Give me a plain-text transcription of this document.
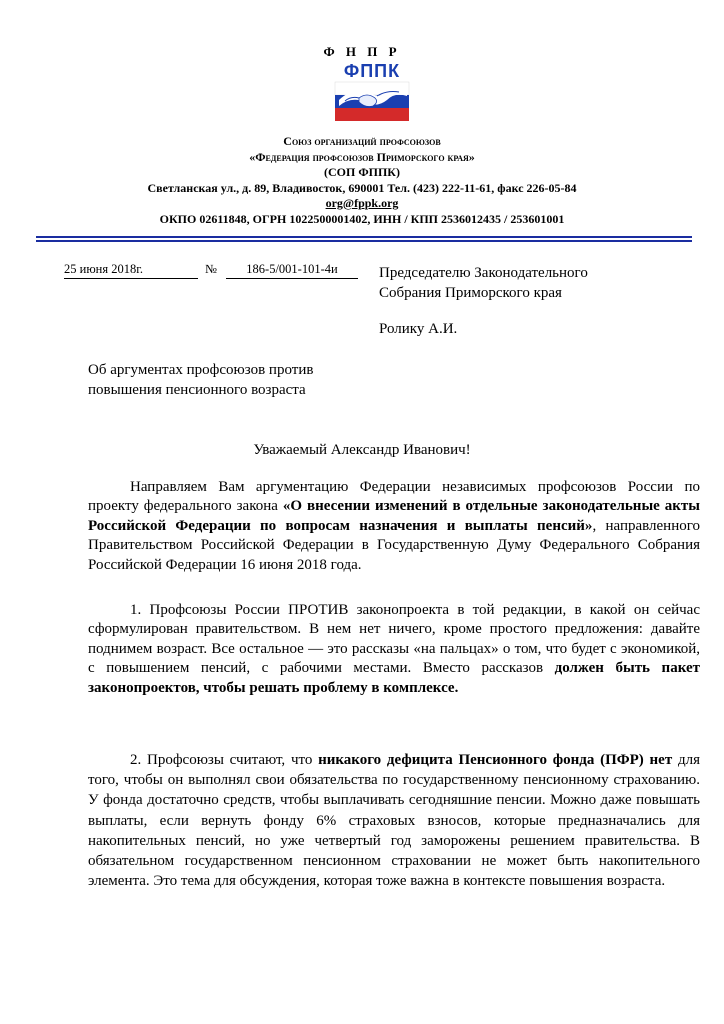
Ф Н П Р
ФППК
Союз организаций профсоюзов
«Федерация профсоюзов Приморского края»
(СОП ФППК)
Светланская ул., д. 89, Владивосток, 690001 Тел. (423) 222-11-61, факс 226-05-84
org@fppk.org
ОКПО 02611848, ОГРН 1022500001402, ИНН / КПП 2536012435 / 253601001
25 июня 2018г.	№	186-5/001-101-4и	Председателю Законодательного
Собрания Приморского края
Ролику А.И.
Об аргументах профсоюзов против
повышения пенсионного возраста
Уважаемый Александр Иванович!
Направляем Вам аргументацию Федерации независимых профсоюзов России по проекту федерального закона «О внесении изменений в отдельные законодательные акты Российской Федерации по вопросам назначения и выплаты пенсий», направленного Правительством Российской Федерации в Государственную Думу Федерального Собрания Российской Федерации 16 июня 2018 года.
1. Профсоюзы России ПРОТИВ законопроекта в той редакции, в какой он сейчас сформулирован правительством. В нем нет ничего, кроме простого предложения: давайте поднимем возраст. Все остальное — это рассказы «на пальцах» о том, что будет с экономикой, с повышением пенсий, с рабочими местами. Вместо рассказов должен быть пакет законопроектов, чтобы решать проблему в комплексе.
2. Профсоюзы считают, что никакого дефицита Пенсионного фонда (ПФР) нет для того, чтобы он выполнял свои обязательства по государственному пенсионному страхованию. У фонда достаточно средств, чтобы выплачивать сегодняшние пенсии. Можно даже повышать выплаты, если вернуть фонду 6% страховых взносов, которые предназначались для накопительных пенсий, но уже четвертый год заморожены решением правительства. В обязательном государственном пенсионном страховании не может быть накопительного элемента. Это тема для обсуждения, которая тоже важна в контексте повышения возраста.
